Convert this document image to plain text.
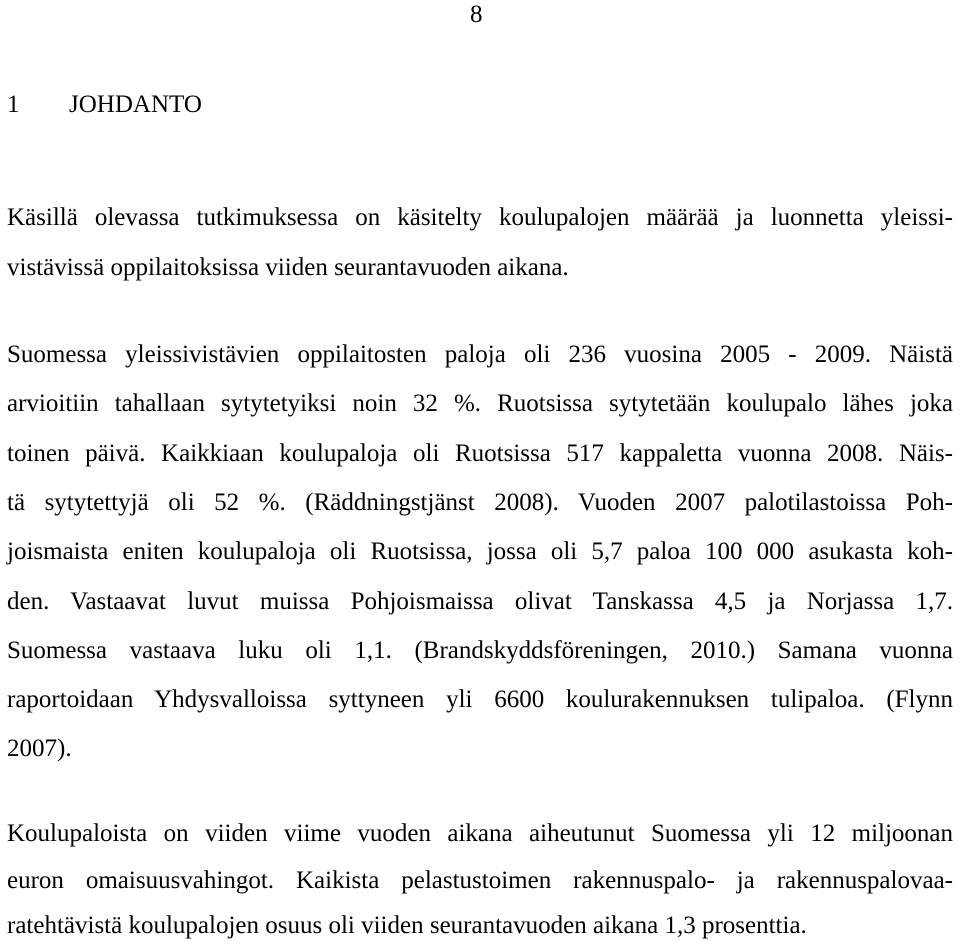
8
1 JOHDANTO
Käsillä olevassa tutkimuksessa on käsitelty koulupalojen määrää ja luonnetta yleissi-
vistävissä oppilaitoksissa viiden seurantavuoden aikana.
Suomessa yleissivistävien oppilaitosten paloja oli 236 vuosina 2005 - 2009. Näistä
arvioitiin tahallaan sytytetyiksi noin 32 %. Ruotsissa sytytetään koulupalo lähes joka
toinen päivä. Kaikkiaan koulupaloja oli Ruotsissa 517 kappaletta vuonna 2008. Näis-
tä sytytettyjä oli 52 %. (Räddningstjänst 2008). Vuoden 2007 palotilastoissa Poh-
joismaista eniten koulupaloja oli Ruotsissa, jossa oli 5,7 paloa 100 000 asukasta koh-
den. Vastaavat luvut muissa Pohjoismaissa olivat Tanskassa 4,5 ja Norjassa 1,7.
Suomessa vastaava luku oli 1,1. (Brandskyddsföreningen, 2010.) Samana vuonna
raportoidaan Yhdysvalloissa syttyneen yli 6600 koulurakennuksen tulipaloa. (Flynn
2007).
Koulupaloista on viiden viime vuoden aikana aiheutunut Suomessa yli 12 miljoonan
euron omaisuusvahingot. Kaikista pelastustoimen rakennuspalo- ja rakennuspalovaa-
ratehtävistä koulupalojen osuus oli viiden seurantavuoden aikana 1,3 prosenttia.
